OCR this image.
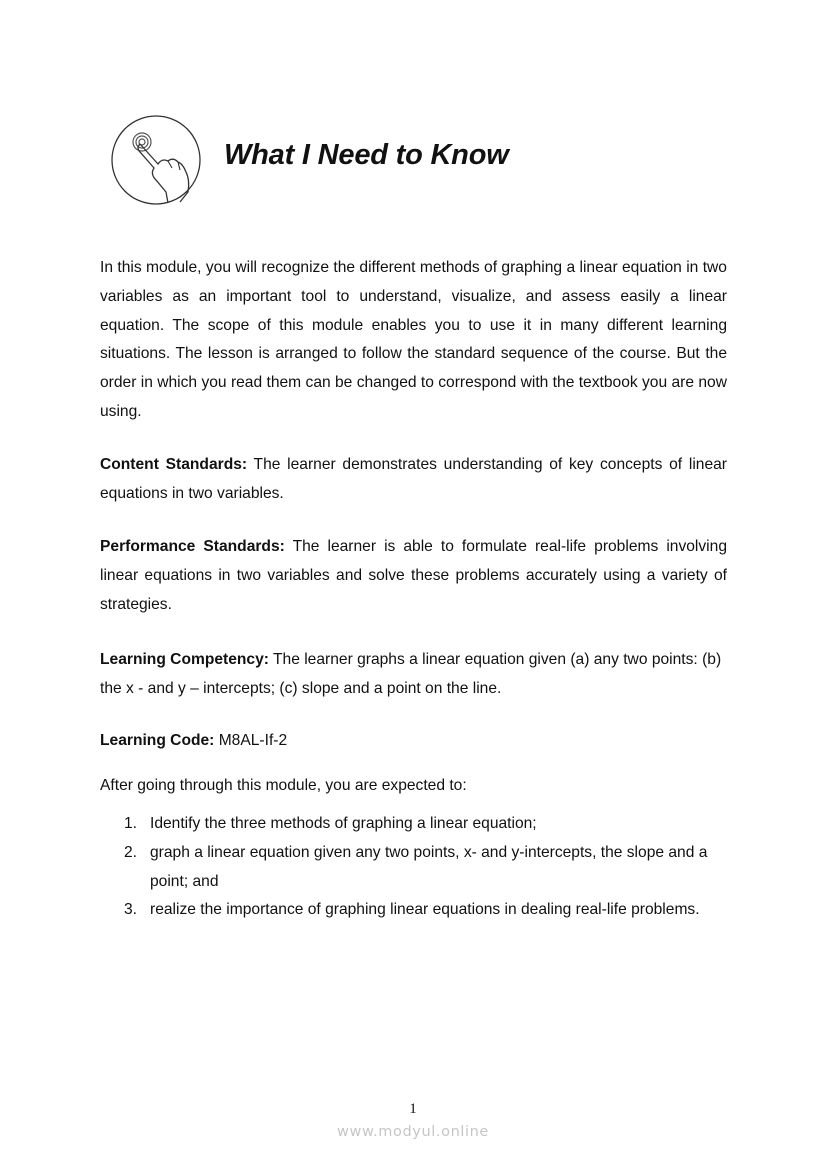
What I Need to Know

In this module, you will recognize the different methods of graphing a linear equation in two variables as an important tool to understand, visualize, and assess easily a linear equation. The scope of this module enables you to use it in many different learning situations. The lesson is arranged to follow the standard sequence of the course. But the order in which you read them can be changed to correspond with the textbook you are now using.

Content Standards: The learner demonstrates understanding of key concepts of linear equations in two variables.

Performance Standards: The learner is able to formulate real-life problems involving linear equations in two variables and solve these problems accurately using a variety of strategies.

Learning Competency: The learner graphs a linear equation given (a) any two points: (b) the x - and y – intercepts; (c) slope and a point on the line.

Learning Code: M8AL-If-2

After going through this module, you are expected to:

1. Identify the three methods of graphing a linear equation;
2. graph a linear equation given any two points, x- and y-intercepts, the slope and a point; and
3. realize the importance of graphing linear equations in dealing real-life problems.
1
www.modyul.online
